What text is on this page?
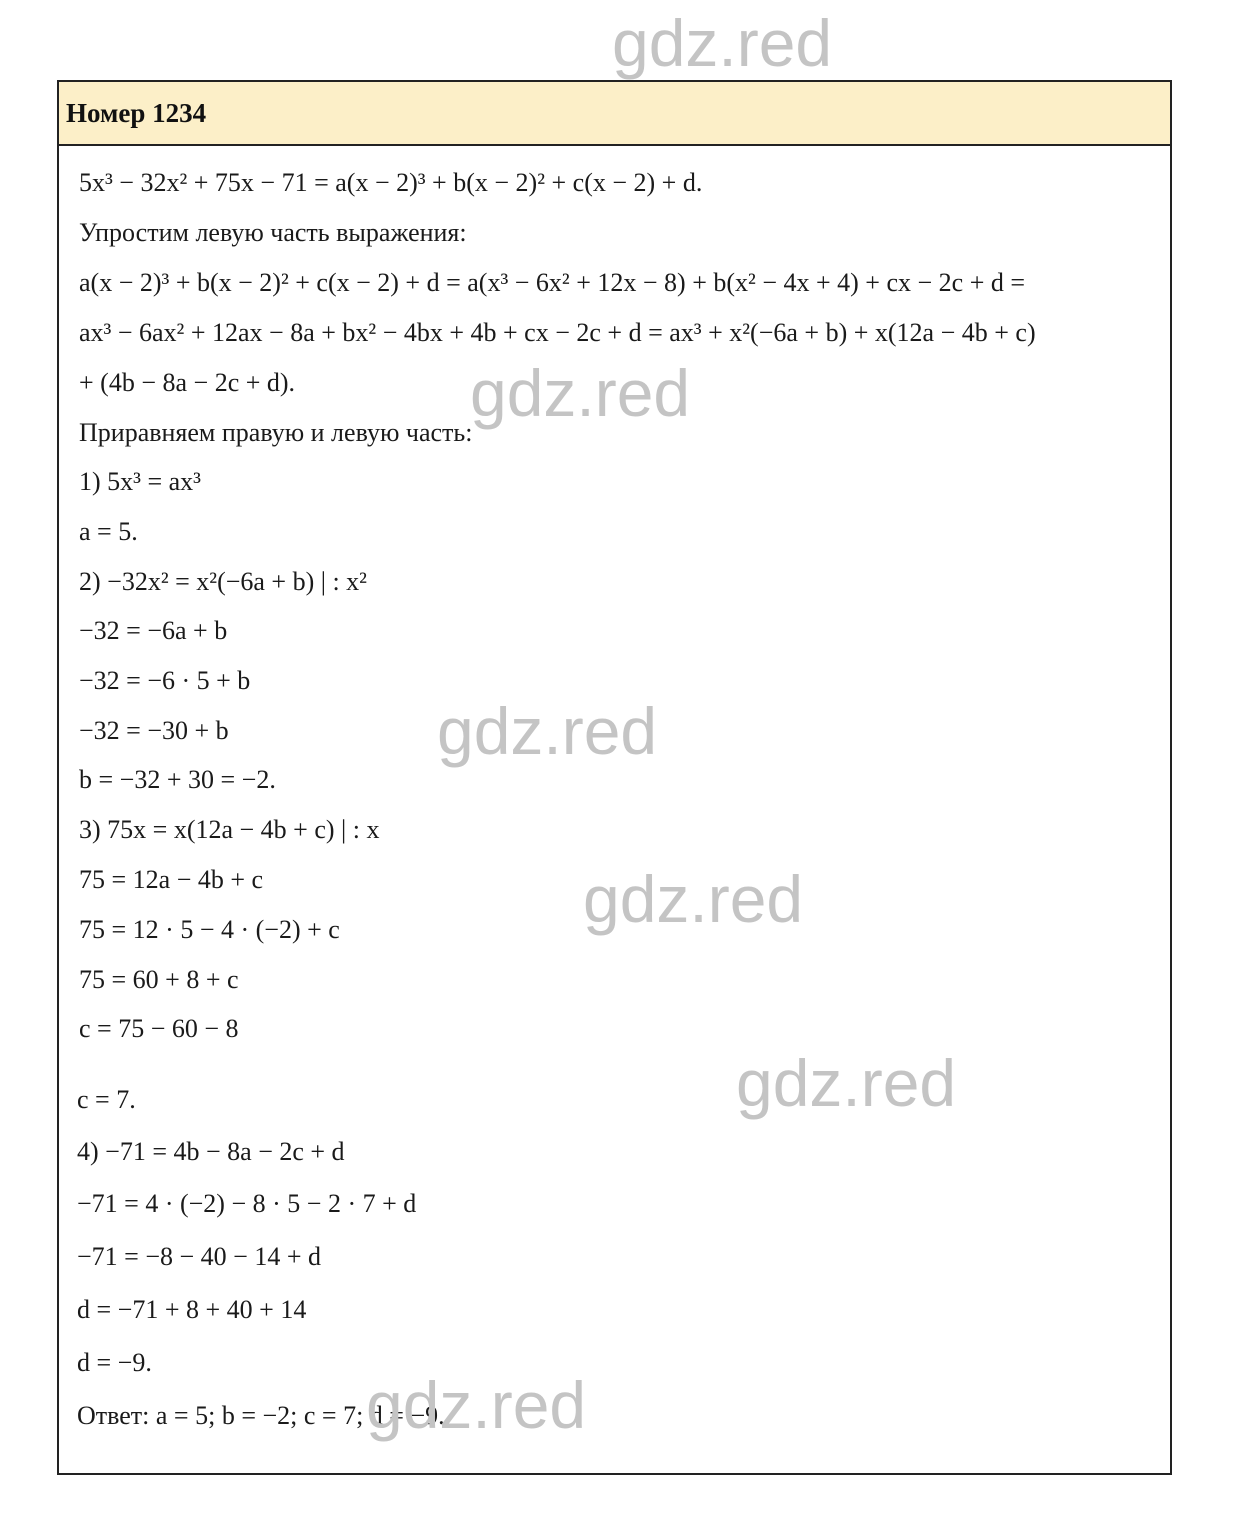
gdz.red
gdz.red
gdz.red
gdz.red
gdz.red
gdz.red
Номер 1234
5x³ − 32x² + 75x − 71 = a(x − 2)³ + b(x − 2)² + c(x − 2) + d.
Упростим левую часть выражения:
a(x − 2)³ + b(x − 2)² + c(x − 2) + d = a(x³ − 6x² + 12x − 8) + b(x² − 4x + 4) + cx − 2c + d =
ax³ − 6ax² + 12ax − 8a + bx² − 4bx + 4b + cx − 2c + d = ax³ + x²(−6a + b) + x(12a − 4b + c)
+ (4b − 8a − 2c + d).
Приравняем правую и левую часть:
1) 5x³ = ax³
a = 5.
2) −32x² = x²(−6a + b) | : x²
−32 = −6a + b
−32 = −6 · 5 + b
−32 = −30 + b
b = −32 + 30 = −2.
3) 75x = x(12a − 4b + c) | : x
75 = 12a − 4b + c
75 = 12 · 5 − 4 · (−2) + c
75 = 60 + 8 + c
c = 75 − 60 − 8
c = 7.
4) −71 = 4b − 8a − 2c + d
−71 = 4 · (−2) − 8 · 5 − 2 · 7 + d
−71 = −8 − 40 − 14 + d
d = −71 + 8 + 40 + 14
d = −9.
Ответ: a = 5; b = −2; c = 7; d = −9.
